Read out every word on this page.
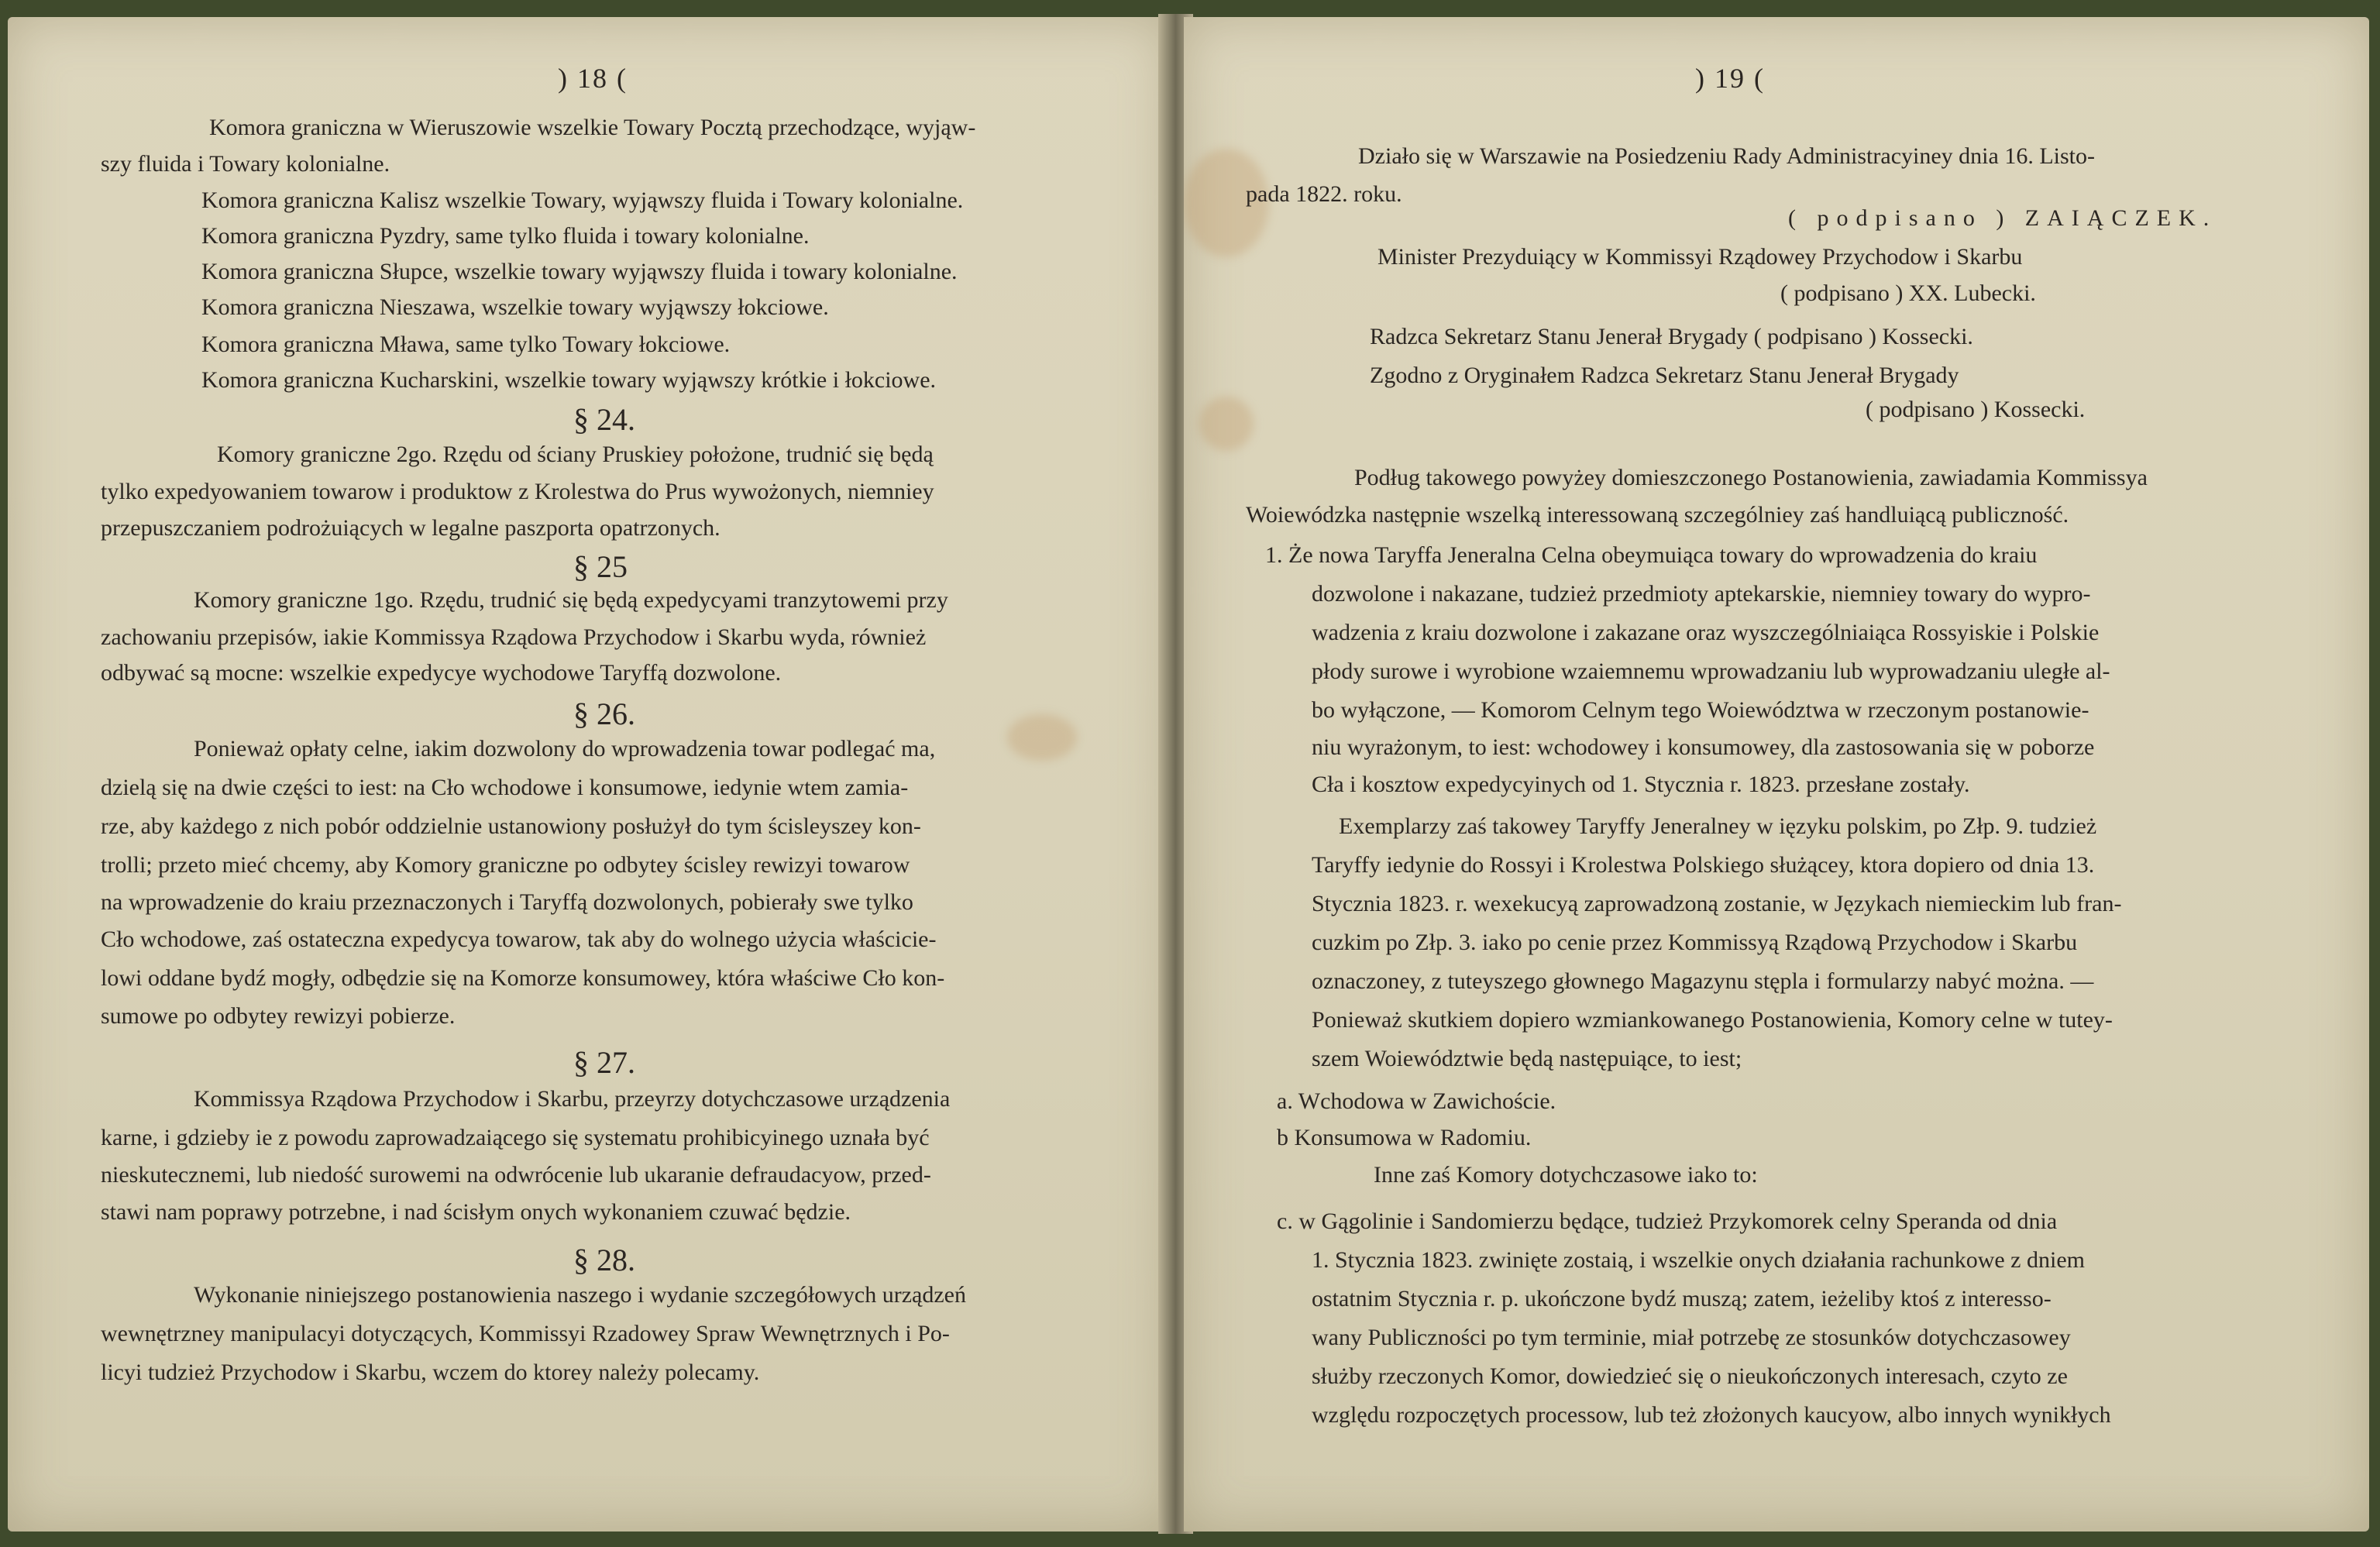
) 18 (
Komora graniczna w Wieruszowie wszelkie Towary Pocztą przechodzące, wyjąw-
szy fluida i Towary kolonialne.
Komora graniczna Kalisz wszelkie Towary, wyjąwszy fluida i Towary kolonialne.
Komora graniczna Pyzdry, same tylko fluida i towary kolonialne.
Komora graniczna Słupce, wszelkie towary wyjąwszy fluida i towary kolonialne.
Komora graniczna Nieszawa, wszelkie towary wyjąwszy łokciowe.
Komora graniczna Mława, same tylko Towary łokciowe.
Komora graniczna Kucharskini, wszelkie towary wyjąwszy krótkie i łokciowe.
§ 24.
Komory graniczne 2go. Rzędu od ściany Pruskiey położone, trudnić się będą
tylko expedyowaniem towarow i produktow z Krolestwa do Prus wywożonych, niemniey
przepuszczaniem podrożuiących w legalne paszporta opatrzonych.
§ 25
Komory graniczne 1go. Rzędu, trudnić się będą expedycyami tranzytowemi przy
zachowaniu przepisów, iakie Kommissya Rządowa Przychodow i Skarbu wyda, również
odbywać są mocne: wszelkie expedycye wychodowe Taryffą dozwolone.
§ 26.
Ponieważ opłaty celne, iakim dozwolony do wprowadzenia towar podlegać ma,
dzielą się na dwie części to iest: na Cło wchodowe i konsumowe, iedynie wtem zamia-
rze, aby każdego z nich pobór oddzielnie ustanowiony posłużył do tym ścisleyszey kon-
trolli; przeto mieć chcemy, aby Komory graniczne po odbytey ścisley rewizyi towarow
na wprowadzenie do kraiu przeznaczonych i Taryffą dozwolonych, pobierały swe tylko
Cło wchodowe, zaś ostateczna expedycya towarow, tak aby do wolnego użycia właściciе-
lowi oddane bydź mogły, odbędzie się na Komorze konsumowey, która właściwe Cło kon-
sumowe po odbytey rewizyi pobierze.
§ 27.
Kommissya Rządowa Przychodow i Skarbu, przeyrzy dotychczasowe urządzenia
karne, i gdzieby ie z powodu zaprowadzaiącego się systematu prohibicyinego uznała być
nieskutecznemi, lub niedość surowemi na odwrócenie lub ukaranie defraudacyow, przed-
stawi nam poprawy potrzebne, i nad ścisłym onych wykonaniem czuwać będzie.
§ 28.
Wykonanie niniejszego postanowienia naszego i wydanie szczegółowych urządzeń
wewnętrzney manipulacyi dotyczących, Kommissyi Rzadowey Spraw Wewnętrznych i Po-
licyi tudzież Przychodow i Skarbu, wczem do ktorey należy polecamy.
) 19 (
Działo się w Warszawie na Posiedzeniu Rady Administracyiney dnia 16. Listo-
pada 1822. roku.
( podpisano ) ZAIĄCZEK.
Minister Prezyduiący w Kommissyi Rządowey Przychodow i Skarbu
( podpisano ) XX. Lubecki.
Radzca Sekretarz Stanu Jenerał Brygady ( podpisano ) Kossecki.
Zgodno z Oryginałem Radzca Sekretarz Stanu Jenerał Brygady
( podpisano ) Kossecki.
Podług takowego powyżey domieszczonego Postanowienia, zawiadamia Kommissya
Woiewódzka następnie wszelką interessowaną szczególniey zaś handluiącą publiczność.
1. Że nowa Taryffa Jeneralna Celna obeymuiąca towary do wprowadzenia do kraiu
dozwolone i nakazane, tudzież przedmioty aptekarskie, niemniey towary do wypro-
wadzenia z kraiu dozwolone i zakazane oraz wyszczególniaiąca Rossyiskie i Polskie
płody surowe i wyrobione wzaiemnemu wprowadzaniu lub wyprowadzaniu uległe al-
bo wyłączone, — Komorom Celnym tego Woiewództwa w rzeczonym postanowie-
niu wyrażonym, to iest: wchodowey i konsumowey, dla zastosowania się w poborze
Cła i kosztow expedycyinych od 1. Stycznia r. 1823. przesłane zostały.
Exemplarzy zaś takowey Taryffy Jeneralney w ięzyku polskim, po Złp. 9. tudzież
Taryffy iedynie do Rossyi i Krolestwa Polskiego służącey, ktora dopiero od dnia 13.
Stycznia 1823. r. wexekucyą zaprowadzoną zostanie, w Językach niemieckim lub fran-
cuzkim po Złp. 3. iako po cenie przez Kommissyą Rządową Przychodow i Skarbu
oznaczoney, z tuteyszego głownego Magazynu stępla i formularzy nabyć można. —
Ponieważ skutkiem dopiero wzmiankowanego Postanowienia, Komory celne w tutey-
szem Woiewództwie będą następuiące, to iest;
a. Wchodowa w Zawichoście.
b Konsumowa w Radomiu.
Inne zaś Komory dotychczasowe iako to:
c. w Gągolinie i Sandomierzu będące, tudzież Przykomorek celny Speranda od dnia
1. Stycznia 1823. zwinięte zostaią, i wszelkie onych działania rachunkowe z dniem
ostatnim Stycznia r. p. ukończone bydź muszą; zatem, ieżeliby ktoś z interesso-
wany Publiczności po tym terminie, miał potrzebę ze stosunków dotychczasowey
służby rzeczonych Komor, dowiedzieć się o nieukończonych interesach, czyto ze
względu rozpoczętych processow, lub też złożonych kaucyow, albo innych wynikłych
